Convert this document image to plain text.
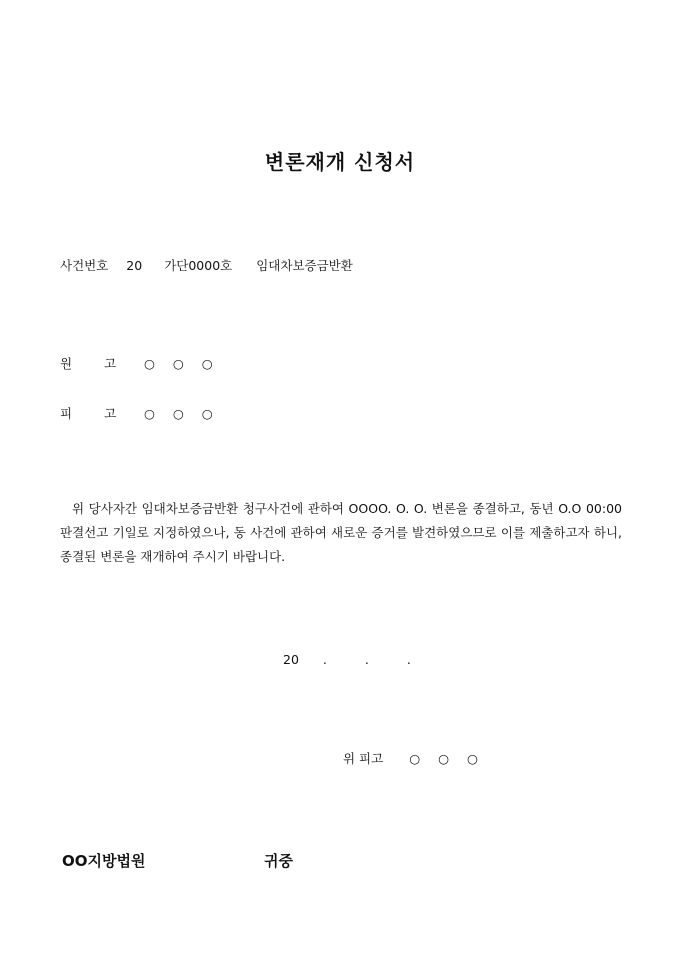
변론재개 신청서
사건번호 20 가단0000호 임대차보증금반환
원	고 ○ ○ ○
피	고 ○ ○ ○
위 당사자간 임대차보증금반환 청구사건에 관하여 OOOO. O. O. 변론을 종결하고, 동년 O.O 00:00 판결선고 기일로 지정하였으나, 동 사건에 관하여 새로운 증거를 발견하였으므로 이를 제출하고자 하니, 종결된 변론을 재개하여 주시기 바랍니다.
20 .	.	.
위 피고 ○ ○ ○
OO지방법원	귀중
